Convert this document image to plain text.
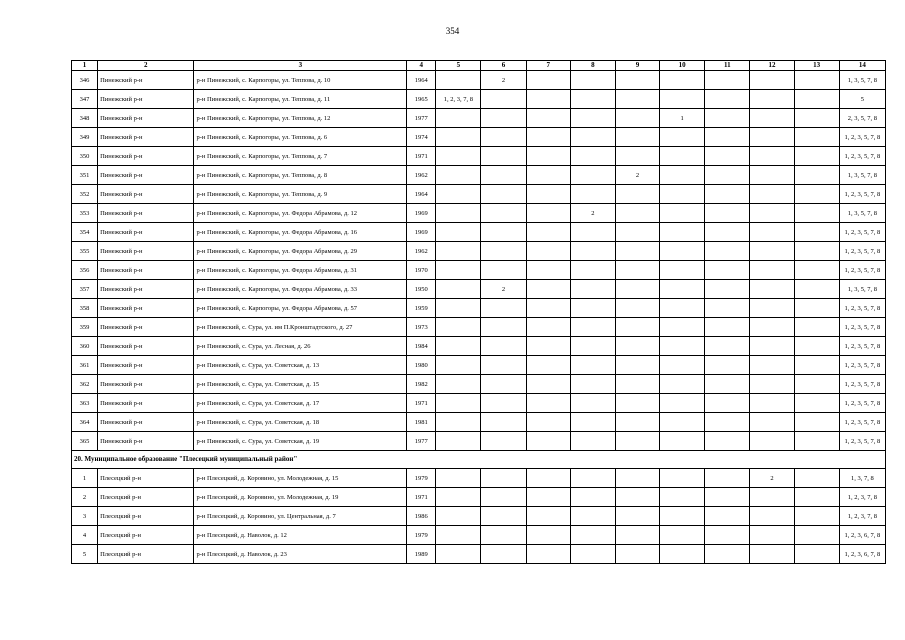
354
1	2	3	4	5	6	7	8	9	10	11	12	13	14
346	Пинежский р-н	р-н Пинежский, с. Карпогоры, ул. Теппова, д. 10	1964		2								1, 3, 5, 7, 8
347	Пинежский р-н	р-н Пинежский, с. Карпогоры, ул. Теппова, д. 11	1965	1, 2, 3, 7, 8									5
348	Пинежский р-н	р-н Пинежский, с. Карпогоры, ул. Теппова, д. 12	1977						1				2, 3, 5, 7, 8
349	Пинежский р-н	р-н Пинежский, с. Карпогоры, ул. Теппова, д. 6	1974										1, 2, 3, 5, 7, 8
350	Пинежский р-н	р-н Пинежский, с. Карпогоры, ул. Теппова, д. 7	1971										1, 2, 3, 5, 7, 8
351	Пинежский р-н	р-н Пинежский, с. Карпогоры, ул. Теппова, д. 8	1962					2					1, 3, 5, 7, 8
352	Пинежский р-н	р-н Пинежский, с. Карпогоры, ул. Теппова, д. 9	1964										1, 2, 3, 5, 7, 8
353	Пинежский р-н	р-н Пинежский, с. Карпогоры, ул. Федора Абрамова, д. 12	1969				2						1, 3, 5, 7, 8
354	Пинежский р-н	р-н Пинежский, с. Карпогоры, ул. Федора Абрамова, д. 16	1969										1, 2, 3, 5, 7, 8
355	Пинежский р-н	р-н Пинежский, с. Карпогоры, ул. Федора Абрамова, д. 29	1962										1, 2, 3, 5, 7, 8
356	Пинежский р-н	р-н Пинежский, с. Карпогоры, ул. Федора Абрамова, д. 31	1970										1, 2, 3, 5, 7, 8
357	Пинежский р-н	р-н Пинежский, с. Карпогоры, ул. Федора Абрамова, д. 33	1950		2								1, 3, 5, 7, 8
358	Пинежский р-н	р-н Пинежский, с. Карпогоры, ул. Федора Абрамова, д. 57	1959										1, 2, 3, 5, 7, 8
359	Пинежский р-н	р-н Пинежский, с. Сура, ул. им П.Кронштадтского, д. 27	1973										1, 2, 3, 5, 7, 8
360	Пинежский р-н	р-н Пинежский, с. Сура, ул. Лесная, д. 26	1984										1, 2, 3, 5, 7, 8
361	Пинежский р-н	р-н Пинежский, с. Сура, ул. Советская, д. 13	1980										1, 2, 3, 5, 7, 8
362	Пинежский р-н	р-н Пинежский, с. Сура, ул. Советская, д. 15	1982										1, 2, 3, 5, 7, 8
363	Пинежский р-н	р-н Пинежский, с. Сура, ул. Советская, д. 17	1971										1, 2, 3, 5, 7, 8
364	Пинежский р-н	р-н Пинежский, с. Сура, ул. Советская, д. 18	1981										1, 2, 3, 5, 7, 8
365	Пинежский р-н	р-н Пинежский, с. Сура, ул. Советская, д. 19	1977										1, 2, 3, 5, 7, 8
20. Муниципальное образование "Плесецкий муниципальный район"													
1	Плесецкий р-н	р-н Плесецкий, д. Коровино, ул. Молодежная, д. 15	1979								2		1, 3, 7, 8
2	Плесецкий р-н	р-н Плесецкий, д. Коровино, ул. Молодежная, д. 19	1971										1, 2, 3, 7, 8
3	Плесецкий р-н	р-н Плесецкий, д. Коровино, ул. Центральная, д. 7	1986										1, 2, 3, 7, 8
4	Плесецкий р-н	р-н Плесецкий, д. Наволок, д. 12	1979										1, 2, 3, 6, 7, 8
5	Плесецкий р-н	р-н Плесецкий, д. Наволок, д. 23	1989										1, 2, 3, 6, 7, 8
